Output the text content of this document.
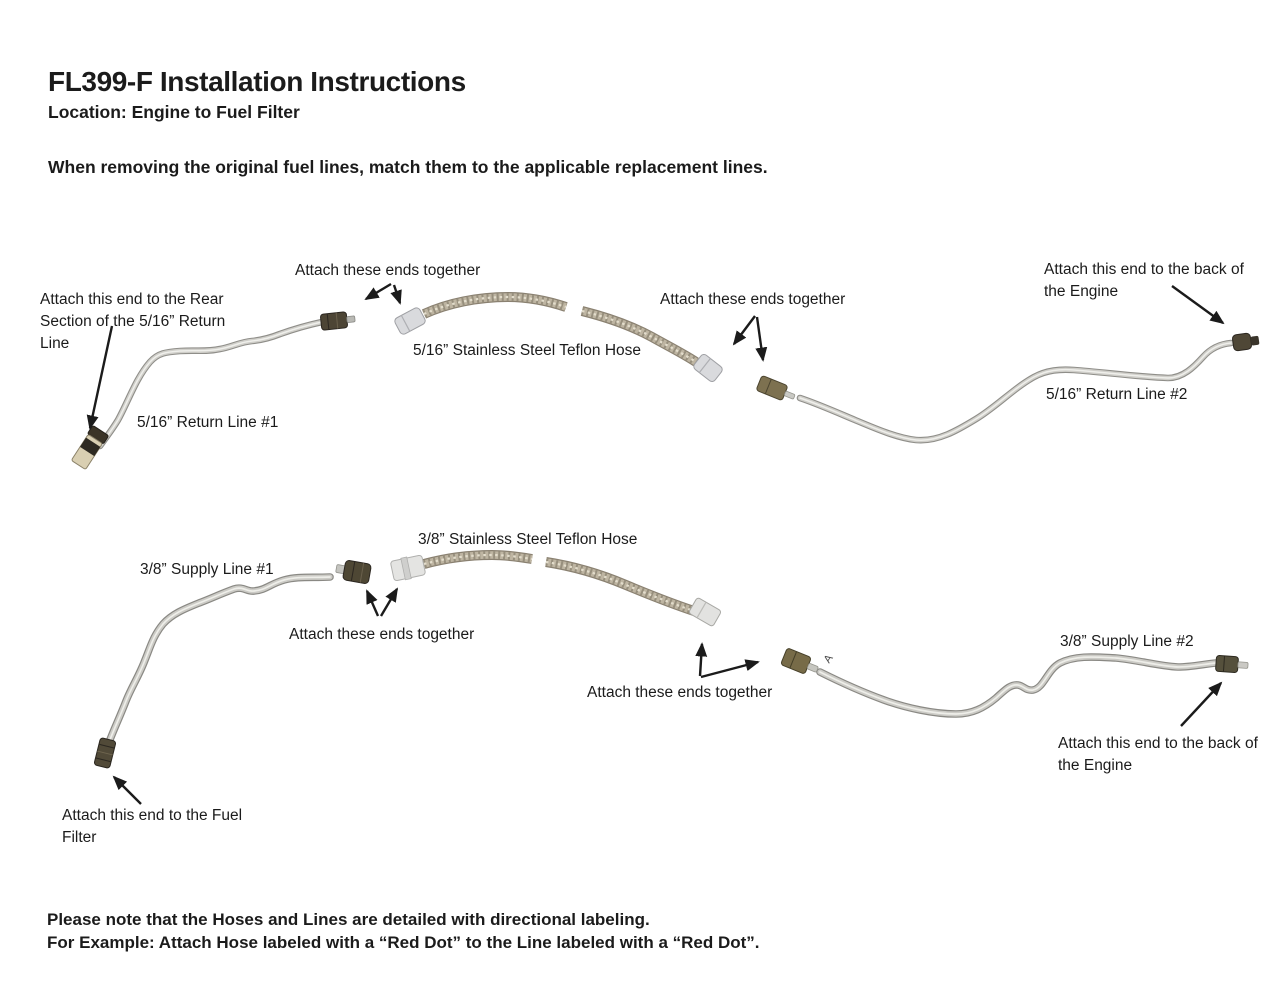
FL399-F Installation Instructions
Location: Engine to Fuel Filter
When removing the original fuel lines, match them to the applicable replacement lines.
Attach these ends together
Attach this end to the Rear
Section of the 5/16” Return
Line	5/16” Stainless Steel Teflon Hose
5/16” Return Line #1
Attach these ends together
Attach this end to the back of
the Engine
5/16” Return Line #2
3/8” Stainless Steel Teflon Hose
3/8” Supply Line #1
Attach these ends together
Attach these ends together
A
3/8” Supply Line #2
Attach this end to the back of
the Engine
Attach this end to the Fuel
Filter
Please note that the Hoses and Lines are detailed with directional labeling.
For Example: Attach Hose labeled with a “Red Dot” to the Line labeled with a “Red Dot”.
